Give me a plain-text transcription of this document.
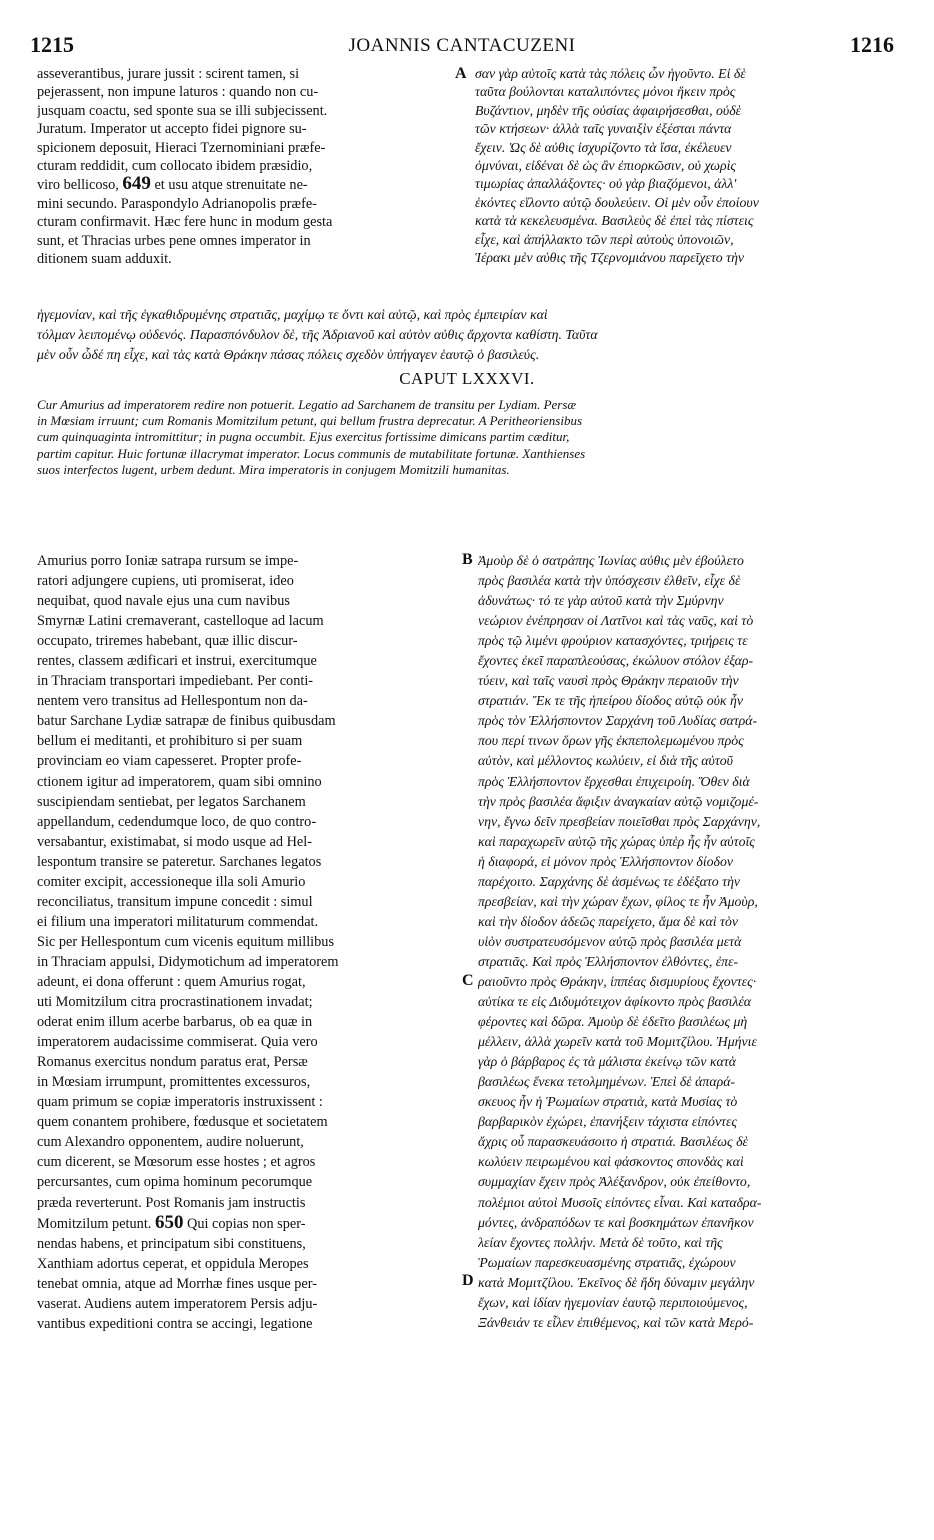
1215	JOANNIS CANTACUZENI	1216
asseverantibus, jurare jussit : scirent tamen, si
pejerassent, non impune laturos : quando non cu-
jusquam coactu, sed sponte sua se illi subjecissent.
Juratum. Imperator ut accepto fidei pignore su-
spicionem deposuit, Hieraci Tzernominiani præfe-
cturam reddidit, cum collocato ibidem præsidio,
viro bellicoso, 649 et usu atque strenuitate ne-
mini secundo. Paraspondylo Adrianopolis præfe-
cturam confirmavit. Hæc fere hunc in modum gesta
sunt, et Thracias urbes pene omnes imperator in
ditionem suam adduxit.
σαν γὰρ αὐτοῖς κατὰ τὰς πόλεις ὧν ἡγοῦντο. Εἰ δὲ
ταῦτα βούλονται καταλιπόντες μόνοι ἥκειν πρὸς
Βυζάντιον, μηδὲν τῆς οὐσίας ἀφαιρήσεσθαι, οὐδὲ
τῶν κτήσεων· ἀλλὰ ταῖς γυναιξὶν ἐξέσται πάντα
ἔχειν. Ὡς δὲ αὐθις ἰσχυρίζοντο τὰ ἴσα, ἐκέλευεν
ὀμνύναι, εἰδέναι δὲ ὡς ἂν ἐπιορκῶσιν, οὐ χωρὶς
τιμωρίας ἀπαλλάξοντες· οὐ γὰρ βιαζόμενοι, ἀλλ'
ἑκόντες εἵλοντο αὐτῷ δουλεύειν. Οἱ μὲν οὖν ἐποίουν
κατὰ τὰ κεκελευσμένα. Βασιλεὺς δὲ ἐπεὶ τὰς πίστεις
εἶχε, καὶ ἀπήλλακτο τῶν περὶ αὐτοὺς ὑπονοιῶν,
Ἱέρακι μὲν αὐθις τῆς Τζερνομιάνου παρεῖχετο τὴν
ἡγεμονίαν, καὶ τῆς ἐγκαθιδρυμένης στρατιᾶς, μαχίμῳ τε ὄντι καὶ αὐτῷ, καὶ πρὸς ἐμπειρίαν καὶ
τόλμαν λειπομένῳ οὐδενός. Παρασπόνδυλον δὲ, τῆς Ἀδριανοῦ καὶ αὐτὸν αὐθις ἄρχοντα καθίστη. Ταῦτα
μὲν οὖν ὧδέ πη εἶχε, καὶ τὰς κατὰ Θράκην πάσας πόλεις σχεδὸν ὑπήγαγεν ἑαυτῷ ὁ βασιλεύς.
CAPUT LXXXVI.
Cur Amurius ad imperatorem redire non potuerit. Legatio ad Sarchanem de transitu per Lydiam. Persæ
in Mœsiam irruunt; cum Romanis Momitzilum petunt, qui bellum frustra deprecatur. A Peritheoriensibus
cum quinquaginta intromittitur; in pugna occumbit. Ejus exercitus fortissime dimicans partim cæditur,
partim capitur. Huic fortunæ illacrymat imperator. Locus communis de mutabilitate fortunæ. Xanthienses
suos interfectos lugent, urbem dedunt. Mira imperatoris in conjugem Momitzili humanitas.
Amurius porro Ioniæ satrapa rursum se impe-
ratori adjungere cupiens, uti promiserat, ideo
nequibat, quod navale ejus una cum navibus
Smyrnæ Latini cremaverant, castelloque ad lacum
occupato, triremes habebant, quæ illic discur-
rentes, classem ædificari et instrui, exercitumque
in Thraciam transportari impediebant. Per conti-
nentem vero transitus ad Hellespontum non da-
batur Sarchane Lydiæ satrapæ de finibus quibusdam
bellum ei meditanti, et prohibituro si per suam
provinciam eo viam capesseret. Propter profe-
ctionem igitur ad imperatorem, quam sibi omnino
suscipiendam sentiebat, per legatos Sarchanem
appellandum, cedendumque loco, de quo contro-
versabantur, existimabat, si modo usque ad Hel-
lespontum transire se pateretur. Sarchanes legatos
comiter excipit, accessioneque illa soli Amurio
reconciliatus, transitum impune concedit : simul
ei filium una imperatori militaturum commendat.
Sic per Hellespontum cum vicenis equitum millibus
in Thraciam appulsi, Didymotichum ad imperatorem
adeunt, ei dona offerunt : quem Amurius rogat,
uti Momitzilum citra procrastinationem invadat;
oderat enim illum acerbe barbarus, ob ea quæ in
imperatorem audacissime commiserat. Quia vero
Romanus exercitus nondum paratus erat, Persæ
in Mœsiam irrumpunt, promittentes excessuros,
quam primum se copiæ imperatoris instruxissent :
quem conantem prohibere, fœdusque et societatem
cum Alexandro opponentem, audire noluerunt,
cum dicerent, se Mœsorum esse hostes ; et agros
percursantes, cum opima hominum pecorumque
præda reverterunt. Post Romanis jam instructis
Momitzilum petunt. 650 Qui copias non sper-
nendas habens, et principatum sibi constituens,
Xanthiam adortus ceperat, et oppidula Meropes
tenebat omnia, atque ad Morrhæ fines usque per-
vaserat. Audiens autem imperatorem Persis adju-
vantibus expeditioni contra se accingi, legatione
Ἀμοὺρ δὲ ὁ σατράπης Ἰωνίας αὐθις μὲν ἐβούλετο
πρὸς βασιλέα κατὰ τὴν ὑπόσχεσιν ἐλθεῖν, εἶχε δὲ
ἀδυνάτως· τό τε γὰρ αὐτοῦ κατὰ τὴν Σμύρνην
νεώριον ἐνέπρησαν οἱ Λατῖνοι καὶ τὰς ναῦς, καὶ τὸ
πρὸς τῷ λιμένι φρούριον κατασχόντες, τριήρεις τε
ἔχοντες ἐκεῖ παραπλεούσας, ἐκώλυον στόλον ἐξαρ-
τύειν, καὶ ταῖς ναυσὶ πρὸς Θράκην περαιοῦν τὴν
στρατιάν. Ἔκ τε τῆς ἠπείρου δίοδος αὐτῷ οὐκ ἦν
πρὸς τὸν Ἑλλήσποντον Σαρχάνη τοῦ Λυδίας σατρά-
που περί τινων ὅρων γῆς ἐκπεπολεμωμένου πρὸς
αὐτὸν, καὶ μέλλοντος κωλύειν, εἰ διὰ τῆς αὐτοῦ
πρὸς Ἑλλήσποντον ἔρχεσθαι ἐπιχειροίη. Ὅθεν διὰ
τὴν πρὸς βασιλέα ἄφιξιν ἀναγκαίαν αὐτῷ νομιζομέ-
νην, ἔγνω δεῖν πρεσβείαν ποιεῖσθαι πρὸς Σαρχάνην,
καὶ παραχωρεῖν αὐτῷ τῆς χώρας ὑπὲρ ἧς ἦν αὐτοῖς
ἡ διαφορά, εἰ μόνον πρὸς Ἑλλήσποντον δίοδον
παρέχοιτο. Σαρχάνης δὲ ἀσμένως τε ἐδέξατο τὴν
πρεσβείαν, καὶ τὴν χώραν ἔχων, φίλος τε ἦν Ἀμοὺρ,
καὶ τὴν δίοδον ἀδεῶς παρείχετο, ἅμα δὲ καὶ τὸν
υἱὸν συστρατευσόμενον αὐτῷ πρὸς βασιλέα μετὰ
στρατιᾶς. Καὶ πρὸς Ἑλλήσποντον ἐλθόντες, ἐπε-
ραιοῦντο πρὸς Θράκην, ἱππέας δισμυρίους ἔχοντες·
αὐτίκα τε εἰς Διδυμότειχον ἀφίκοντο πρὸς βασιλέα
φέροντες καὶ δῶρα. Ἀμοὺρ δὲ ἐδεῖτο βασιλέως μὴ
μέλλειν, ἀλλὰ χωρεῖν κατὰ τοῦ Μομιτζίλου. Ἠμήνιε
γὰρ ὁ βάρβαρος ἐς τὰ μάλιστα ἐκείνῳ τῶν κατὰ
βασιλέως ἕνεκα τετολμημένων. Ἐπεὶ δὲ ἀπαρά-
σκευος ἦν ἡ Ῥωμαίων στρατιὰ, κατὰ Μυσίας τὸ
βαρβαρικὸν ἐχώρει, ἐπανήξειν τάχιστα εἰπόντες
ἄχρις οὗ παρασκευάσοιτο ἡ στρατιά. Βασιλέως δὲ
κωλύειν πειρωμένου καὶ φάσκοντος σπονδὰς καὶ
συμμαχίαν ἔχειν πρὸς Ἀλέξανδρον, οὐκ ἐπείθοντο,
πολέμιοι αὐτοὶ Μυσοῖς εἰπόντες εἶναι. Καὶ καταδρα-
μόντες, ἀνδραπόδων τε καὶ βοσκημάτων ἐπανῆκον
λείαν ἔχοντες πολλήν. Μετὰ δὲ τοῦτο, καὶ τῆς
Ῥωμαίων παρεσκευασμένης στρατιᾶς, ἐχώρουν
κατὰ Μομιτζίλου. Ἐκεῖνος δὲ ἤδη δύναμιν μεγάλην
ἔχων, καὶ ἰδίαν ἡγεμονίαν ἑαυτῷ περιποιούμενος,
Ξάνθειάν τε εἷλεν ἐπιθέμενος, καὶ τῶν κατὰ Μερό-
A
B
C
D
